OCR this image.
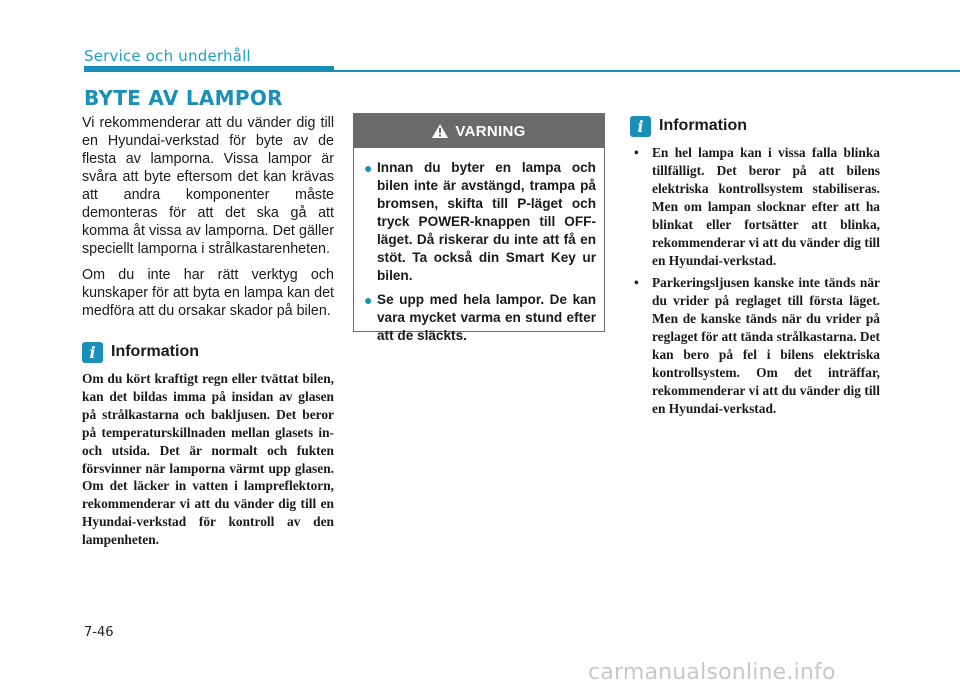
Service och underhåll
BYTE AV LAMPOR

Vi rekommenderar att du vänder dig till en Hyundai-verkstad för byte av de flesta av lamporna. Vissa lampor är svåra att byte eftersom det kan krävas att andra komponenter måste demonteras för att det ska gå att komma åt vissa av lamporna. Det gäller speciellt lamporna i strålkastarenheten.

Om du inte har rätt verktyg och kunskaper för att byta en lampa kan det medföra att du orsakar skador på bilen.

i Information

Om du kört kraftigt regn eller tvättat bilen, kan det bildas imma på insidan av glasen på strålkastarna och bakljusen. Det beror på temperaturskillnaden mellan glasets in- och utsida. Det är normalt och fukten försvinner när lamporna värmt upp glasen. Om det läcker in vatten i lampreflektorn, rekommenderar vi att du vänder dig till en Hyundai-verkstad för kontroll av den lampenheten.

VARNING
● Innan du byter en lampa och bilen inte är avstängd, trampa på bromsen, skifta till P-läget och tryck POWER-knappen till OFF-läget. Då riskerar du inte att få en stöt. Ta också din Smart Key ur bilen.
● Se upp med hela lampor. De kan vara mycket varma en stund efter att de släckts.
i Information
• En hel lampa kan i vissa falla blinka tillfälligt. Det beror på att bilens elektriska kontrollsystem stabiliseras. Men om lampan slocknar efter att ha blinkat eller fortsätter att blinka, rekommenderar vi att du vänder dig till en Hyundai-verkstad.
• Parkeringsljusen kanske inte tänds när du vrider på reglaget till första läget. Men de kanske tänds när du vrider på reglaget för att tända strålkastarna. Det kan bero på fel i bilens elektriska kontrollsystem. Om det inträffar, rekommenderar vi att du vänder dig till en Hyundai-verkstad.
7-46
carmanualsonline.info
